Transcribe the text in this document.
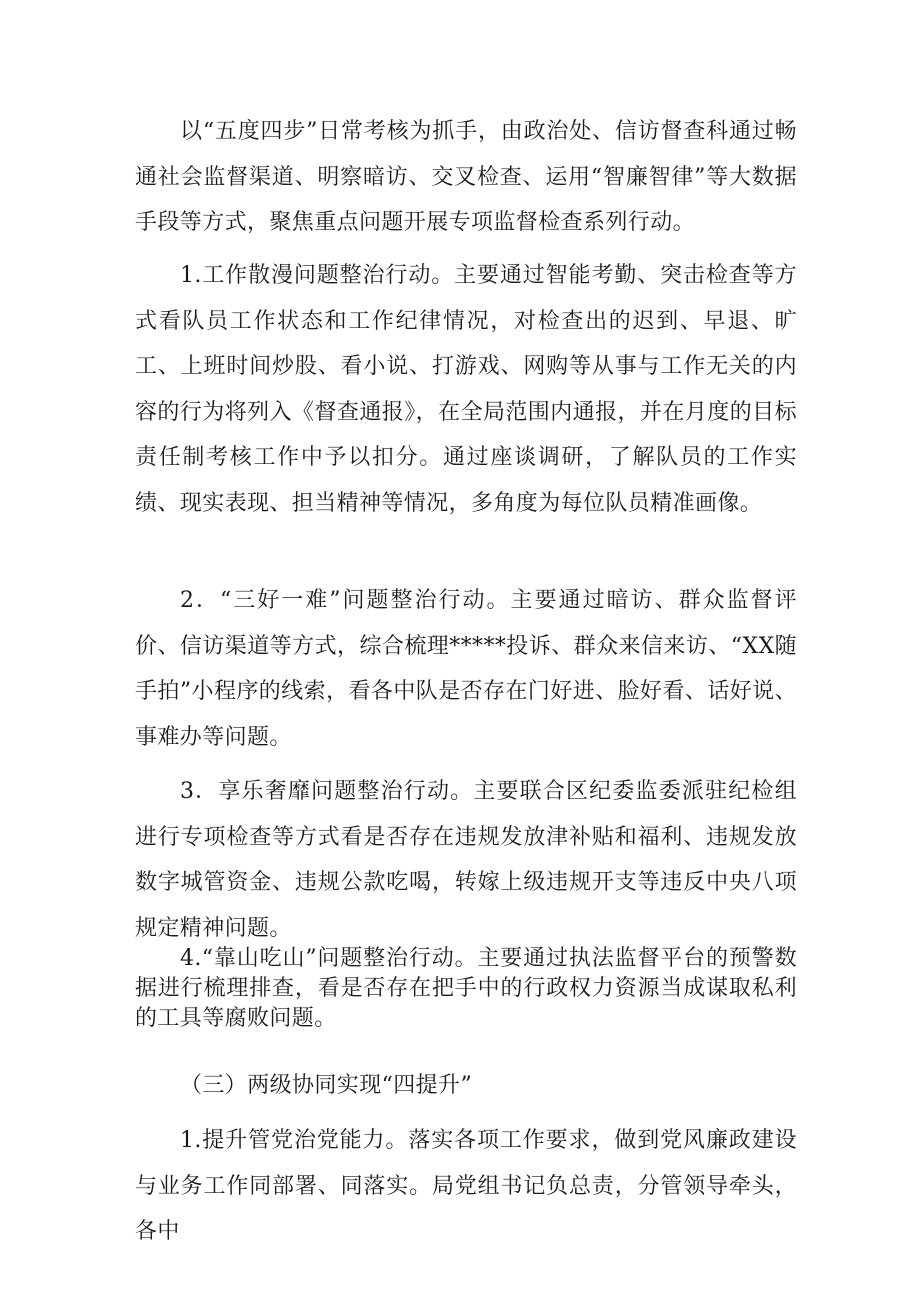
以“五度四步”日常考核为抓手，由政治处、信访督查科通过畅通社会监督渠道、明察暗访、交叉检查、运用“智廉智律”等大数据手段等方式，聚焦重点问题开展专项监督检查系列行动。

1.工作散漫问题整治行动。主要通过智能考勤、突击检查等方式看队员工作状态和工作纪律情况，对检查出的迟到、早退、旷工、上班时间炒股、看小说、打游戏、网购等从事与工作无关的内容的行为将列入《督查通报》，在全局范围内通报，并在月度的目标责任制考核工作中予以扣分。通过座谈调研，了解队员的工作实绩、现实表现、担当精神等情况，多角度为每位队员精准画像。

2．“三好一难”问题整治行动。主要通过暗访、群众监督评价、信访渠道等方式，综合梳理*****投诉、群众来信来访、“XX随手拍”小程序的线索，看各中队是否存在门好进、脸好看、话好说、事难办等问题。

3．享乐奢靡问题整治行动。主要联合区纪委监委派驻纪检组进行专项检查等方式看是否存在违规发放津补贴和福利、违规发放数字城管资金、违规公款吃喝，转嫁上级违规开支等违反中央八项规定精神问题。

4.“靠山吃山”问题整治行动。主要通过执法监督平台的预警数据进行梳理排查，看是否存在把手中的行政权力资源当成谋取私利的工具等腐败问题。

（三）两级协同实现“四提升”

1.提升管党治党能力。落实各项工作要求，做到党风廉政建设与业务工作同部署、同落实。局党组书记负总责，分管领导牵头，各中
